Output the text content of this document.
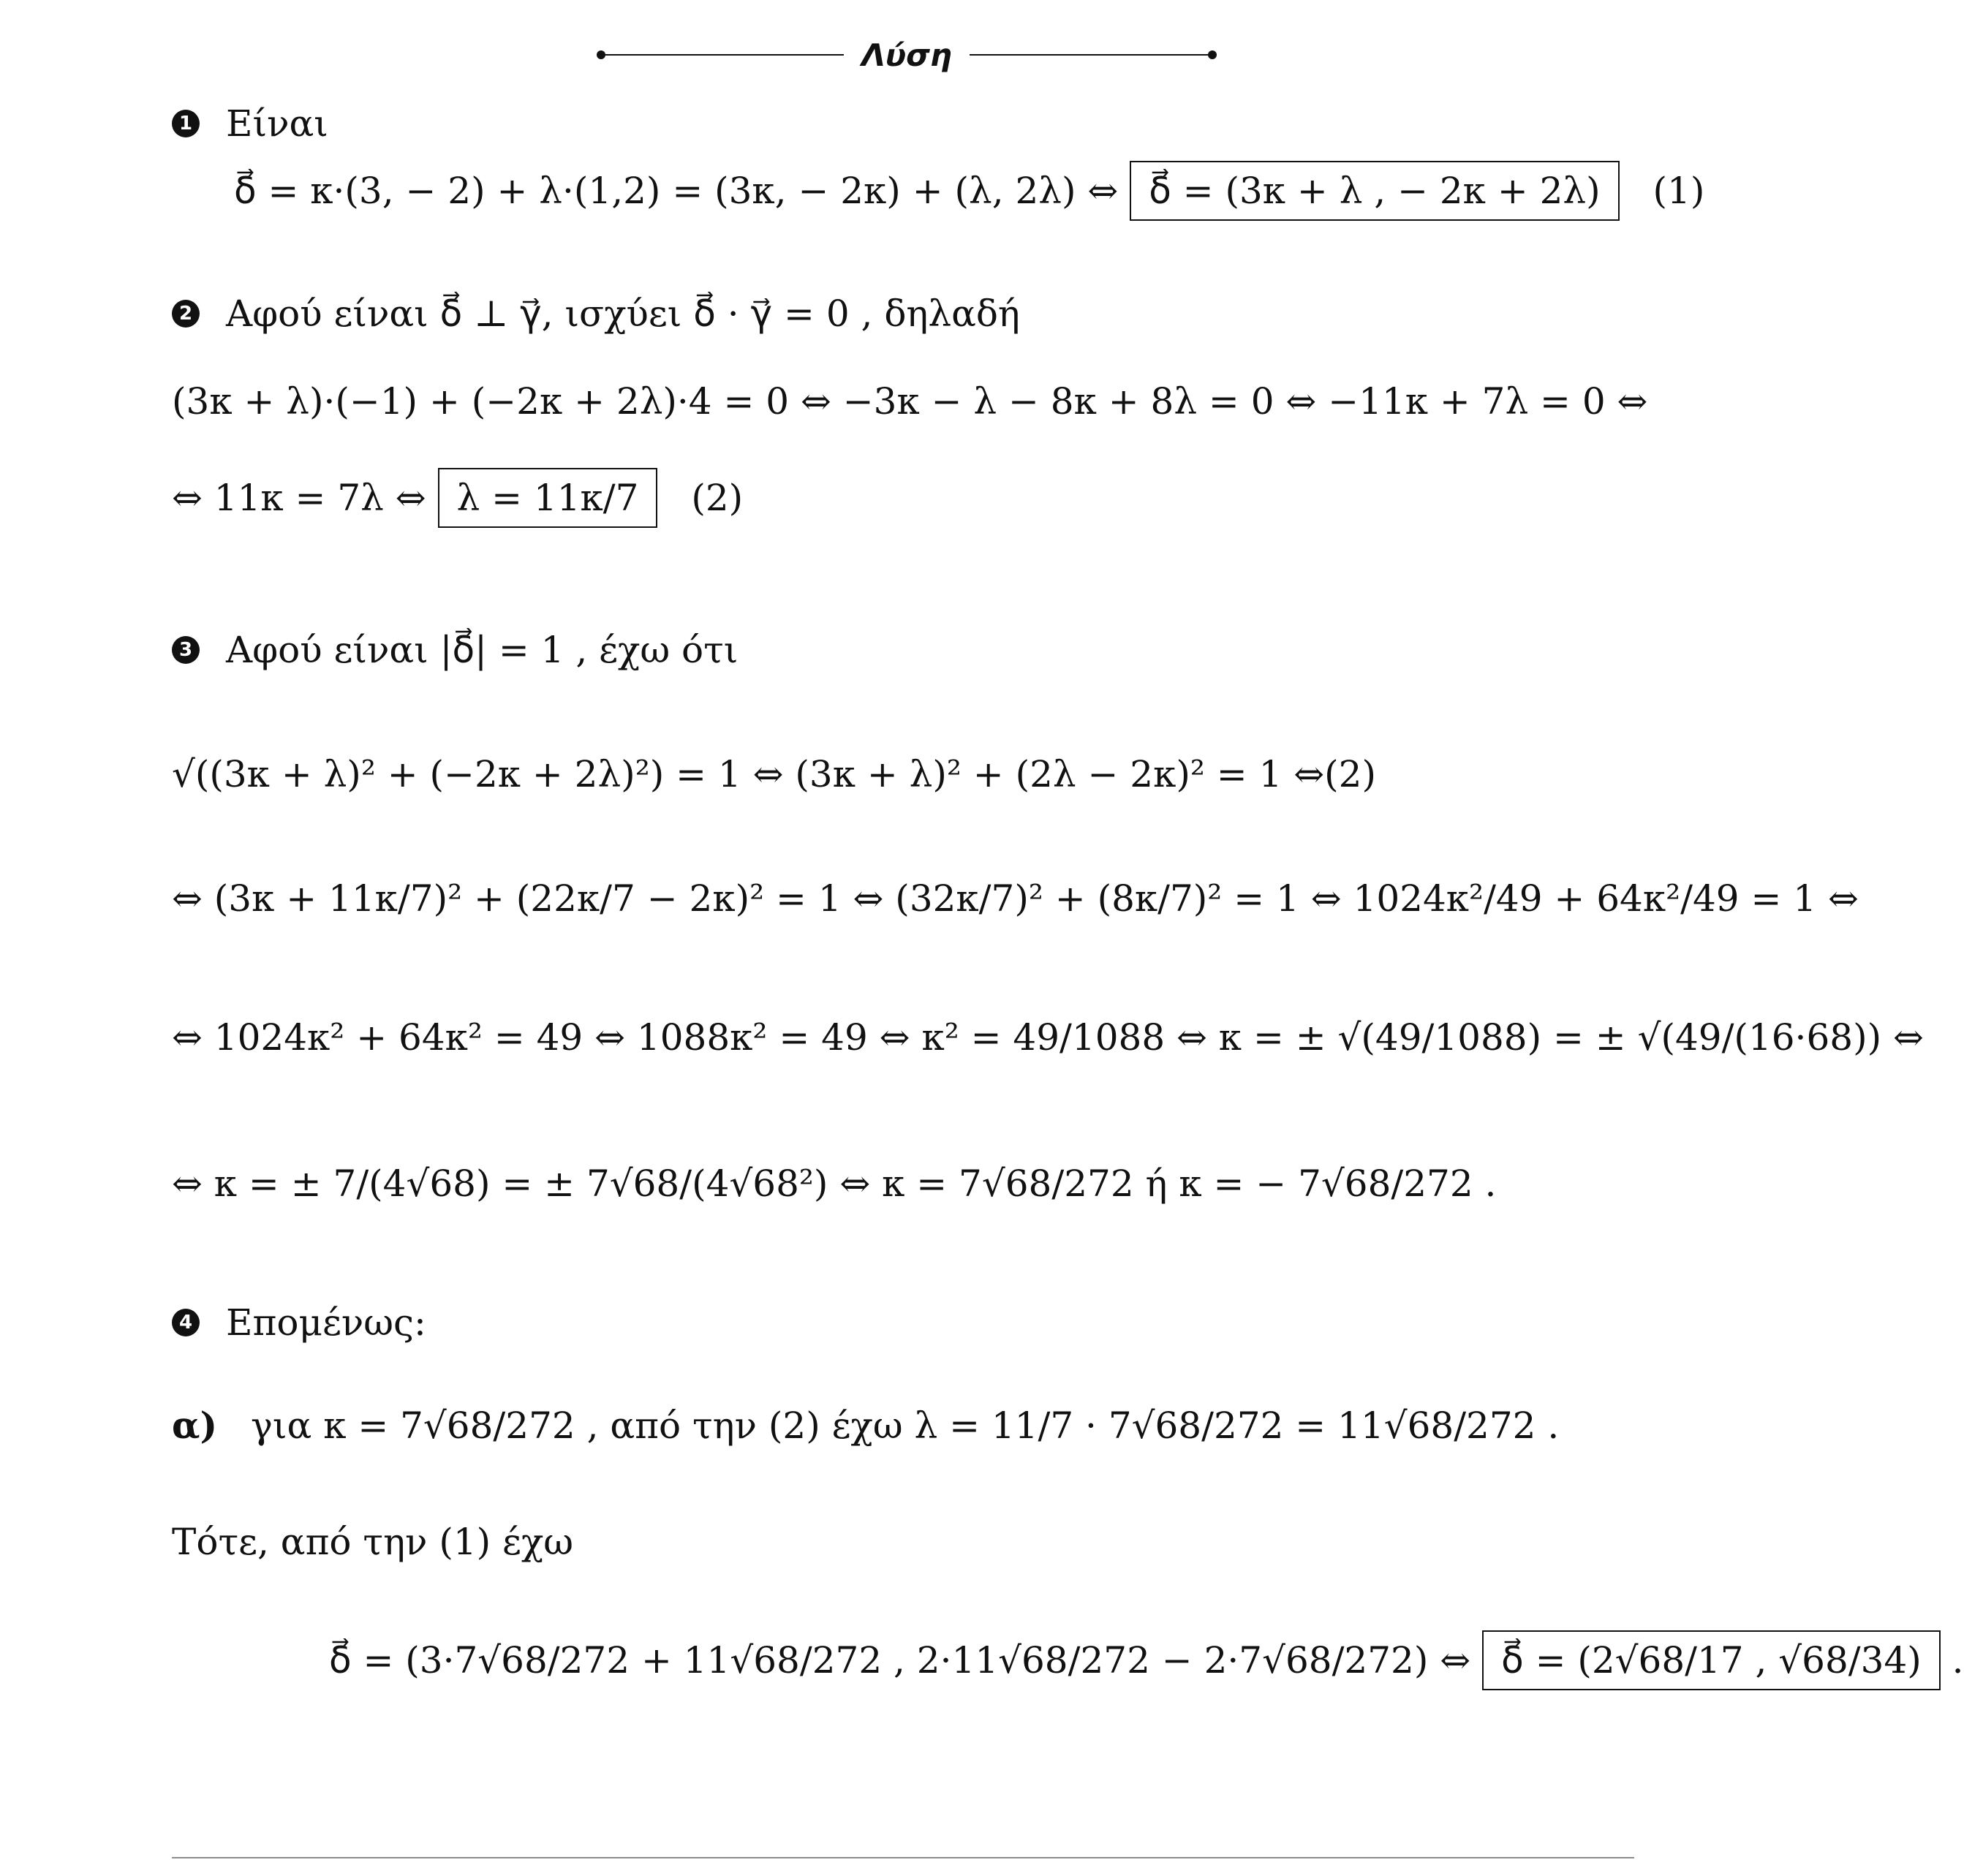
Λύση
1 Είναι
δ⃗ = κ·(3, − 2) + λ·(1,2) = (3κ, − 2κ) + (λ, 2λ) ⇔ δ⃗ = (3κ + λ , − 2κ + 2λ) (1)
2 Αφού είναι δ⃗ ⊥ γ⃗, ισχύει δ⃗ · γ⃗ = 0 , δηλαδή
(3κ + λ)·(−1) + (−2κ + 2λ)·4 = 0 ⇔ −3κ − λ − 8κ + 8λ = 0 ⇔ −11κ + 7λ = 0 ⇔
⇔ 11κ = 7λ ⇔ λ = 11κ/7 (2)
3 Αφού είναι |δ⃗| = 1 , έχω ότι
√((3κ + λ)² + (−2κ + 2λ)²) = 1 ⇔ (3κ + λ)² + (2λ − 2κ)² = 1 ⇔(2)
⇔ (3κ + 11κ/7)² + (22κ/7 − 2κ)² = 1 ⇔ (32κ/7)² + (8κ/7)² = 1 ⇔ 1024κ²/49 + 64κ²/49 = 1 ⇔
⇔ 1024κ² + 64κ² = 49 ⇔ 1088κ² = 49 ⇔ κ² = 49/1088 ⇔ κ = ± √(49/1088) = ± √(49/(16·68)) ⇔
⇔ κ = ± 7/(4√68) = ± 7√68/(4√68²) ⇔ κ = 7√68/272 ή κ = − 7√68/272 .
4 Επομένως:
α) για κ = 7√68/272 , από την (2) έχω λ = 11/7 · 7√68/272 = 11√68/272 .
Τότε, από την (1) έχω
δ⃗ = (3·7√68/272 + 11√68/272 , 2·11√68/272 − 2·7√68/272) ⇔ δ⃗ = (2√68/17 , √68/34) .
